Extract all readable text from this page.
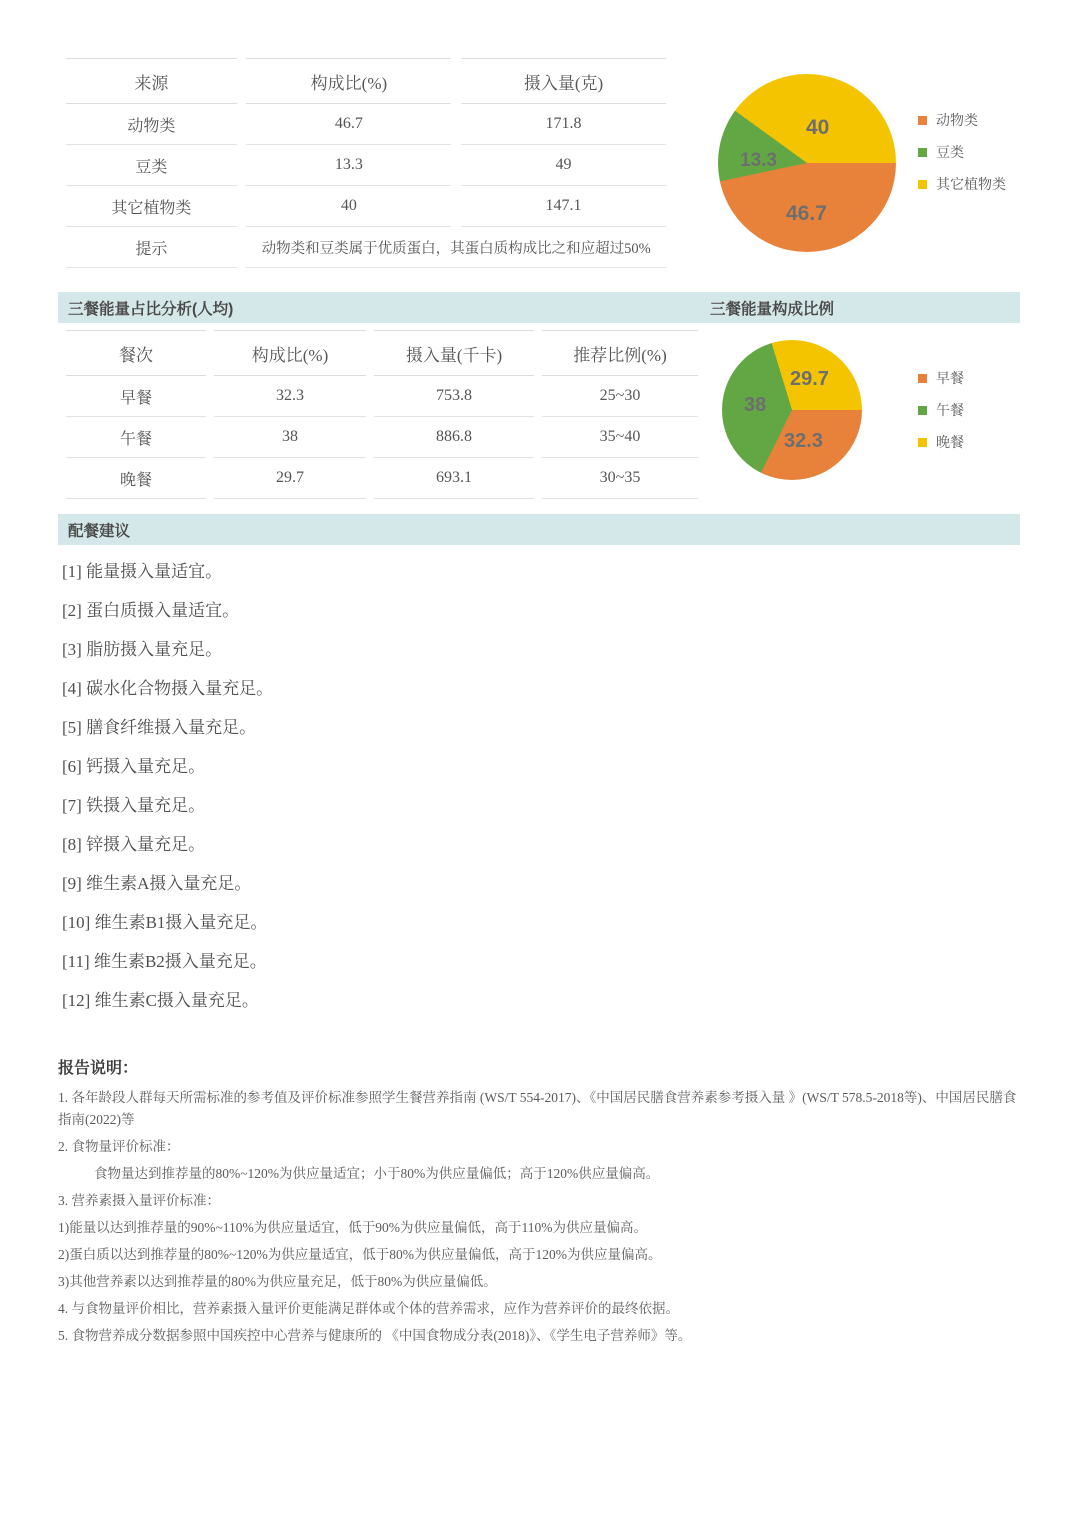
来源		构成比(%)		摄入量(克)
动物类		46.7		171.8
豆类		13.3		49
其它植物类		40		147.1
提示		动物类和豆类属于优质蛋白，其蛋白质构成比之和应超过50%		
46.7
13.3
40	动物类
豆类
其它植物类
三餐能量占比分析(人均)	三餐能量构成比例
餐次		构成比(%)		摄入量(千卡)		推荐比例(%)
早餐		32.3		753.8		25~30
午餐		38		886.8		35~40
晚餐		29.7		693.1		30~35
32.3
38
29.7	早餐
午餐
晚餐
配餐建议
[1] 能量摄入量适宜。
[2] 蛋白质摄入量适宜。
[3] 脂肪摄入量充足。
[4] 碳水化合物摄入量充足。
[5] 膳食纤维摄入量充足。
[6] 钙摄入量充足。
[7] 铁摄入量充足。
[8] 锌摄入量充足。
[9] 维生素A摄入量充足。
[10] 维生素B1摄入量充足。
[11] 维生素B2摄入量充足。
[12] 维生素C摄入量充足。
报告说明：
1. 各年龄段人群每天所需标准的参考值及评价标准参照学生餐营养指南 (WS/T 554-2017)、《中国居民膳食营养素参考摄入量 》(WS/T 578.5-2018等)、中国居民膳食指南(2022)等
2. 食物量评价标准：
食物量达到推荐量的80%~120%为供应量适宜；小于80%为供应量偏低；高于120%供应量偏高。
3. 营养素摄入量评价标准：
1)能量以达到推荐量的90%~110%为供应量适宜，低于90%为供应量偏低，高于110%为供应量偏高。
2)蛋白质以达到推荐量的80%~120%为供应量适宜，低于80%为供应量偏低，高于120%为供应量偏高。
3)其他营养素以达到推荐量的80%为供应量充足，低于80%为供应量偏低。
4. 与食物量评价相比，营养素摄入量评价更能满足群体或个体的营养需求，应作为营养评价的最终依据。
5. 食物营养成分数据参照中国疾控中心营养与健康所的 《中国食物成分表(2018)》、《学生电子营养师》等。
